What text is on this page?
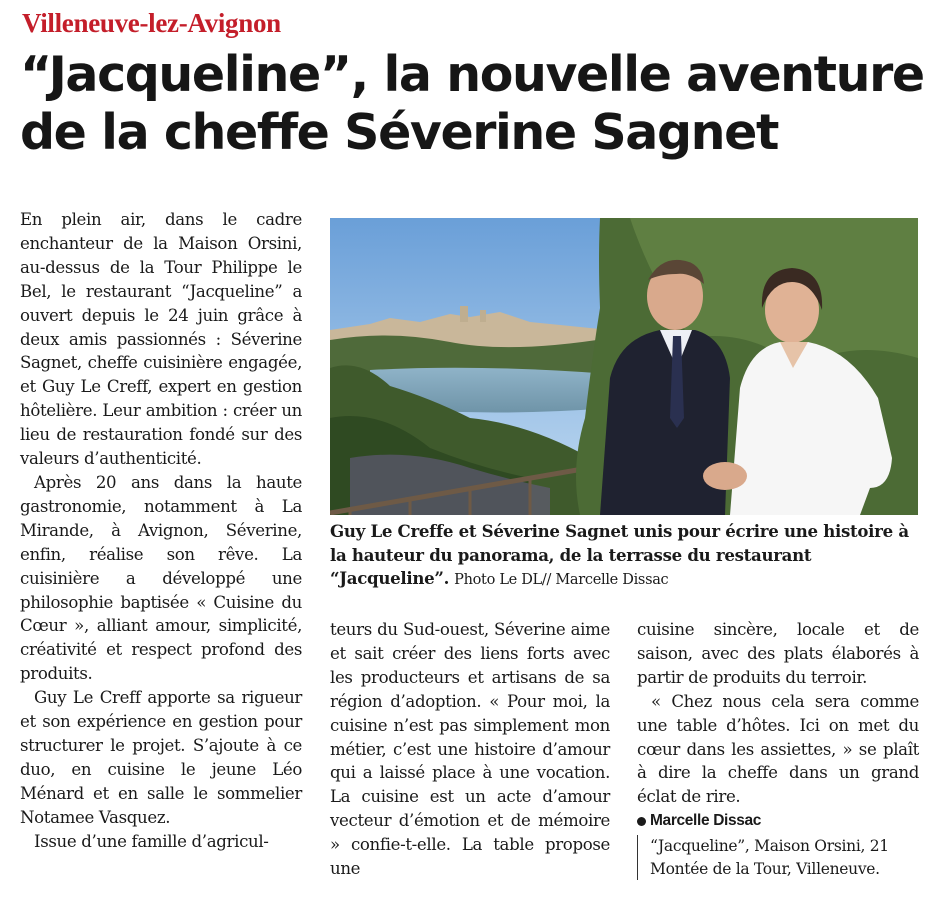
Villeneuve-lez-Avignon
“Jacqueline”, la nouvelle aventure
de la cheffe Séverine Sagnet

En plein air, dans le cadre enchanteur de la Maison Orsini, au-dessus de la Tour Philippe le Bel, le restaurant “Jacqueline” a ouvert depuis le 24 juin grâce à deux amis passionnés : Séverine Sagnet, cheffe cuisinière engagée, et Guy Le Creff, expert en gestion hôtelière. Leur ambition : créer un lieu de restauration fondé sur des valeurs d’authenticité.

Après 20 ans dans la haute gastronomie, notamment à La Mirande, à Avignon, Séverine, enfin, réalise son rêve. La cuisinière a développé une philosophie baptisée « Cuisine du Cœur », alliant amour, simplicité, créativité et respect profond des produits.

Guy Le Creff apporte sa rigueur et son expérience en gestion pour structurer le projet. S’ajoute à ce duo, en cuisine le jeune Léo Ménard et en salle le sommelier Notamee Vasquez.

Issue d’une famille d’agricul-

Guy Le Creffe et Séverine Sagnet unis pour écrire une histoire à la hauteur du panorama, de la terrasse du restaurant “Jacqueline”. Photo Le DL// Marcelle Dissac

teurs du Sud-ouest, Séverine aime et sait créer des liens forts avec les producteurs et artisans de sa région d’adoption. « Pour moi, la cuisine n’est pas simplement mon métier, c’est une histoire d’amour qui a laissé place à une vocation. La cuisine est un acte d’amour vecteur d’émotion et de mémoire » confie-t-elle. La table propose une

cuisine sincère, locale et de saison, avec des plats élaborés à partir de produits du terroir.

« Chez nous cela sera comme une table d’hôtes. Ici on met du cœur dans les assiettes, » se plaît à dire la cheffe dans un grand éclat de rire.

Marcelle Dissac
“Jacqueline”, Maison Orsini, 21
Montée de la Tour, Villeneuve.
